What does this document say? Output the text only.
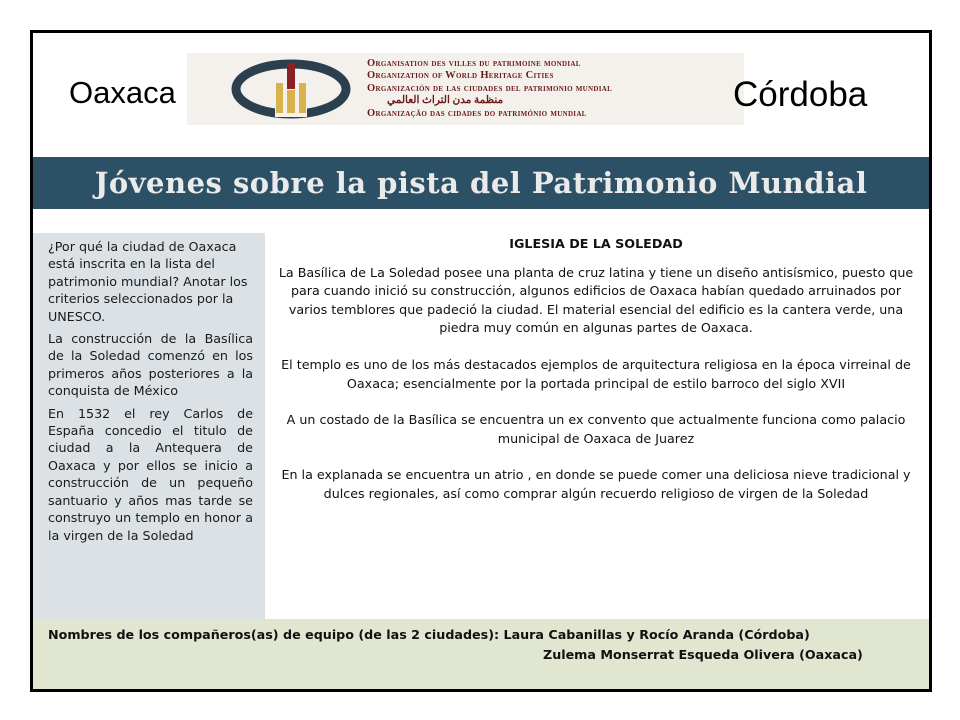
Oaxaca
Organisation des villes du patrimoine mondial
Organization of World Heritage Cities
Organización de las ciudades del patrimonio mundial
منظمة مدن التراث العالمي
Organização das cidades do património mundial	Córdoba
Jóvenes sobre la pista del Patrimonio Mundial

¿Por qué la ciudad de Oaxaca está inscrita en la lista del patrimonio mundial? Anotar los criterios seleccionados por la UNESCO.

La construcción de la Basílica de la Soledad comenzó en los primeros años posteriores a la conquista de México

En 1532 el rey Carlos de España concedio el titulo de ciudad a la Antequera de Oaxaca y por ellos se inicio a construcción de un pequeño santuario y años mas tarde se construyo un templo en honor a la virgen de la Soledad

IGLESIA DE LA SOLEDAD

La Basílica de La Soledad posee una planta de cruz latina y tiene un diseño antisísmico, puesto que para cuando inició su construcción, algunos edificios de Oaxaca habían quedado arruinados por varios temblores que padeció la ciudad. El material esencial del edificio es la cantera verde, una piedra muy común en algunas partes de Oaxaca.

El templo es uno de los más destacados ejemplos de arquitectura religiosa en la época virreinal de Oaxaca; esencialmente por la portada principal de estilo barroco del siglo XVII

A un costado de la Basílica se encuentra un ex convento que actualmente funciona como palacio municipal de Oaxaca de Juarez

En la explanada se encuentra un atrio , en donde se puede comer una deliciosa nieve tradicional y dulces regionales, así como comprar algún recuerdo religioso de virgen de la Soledad

Nombres de los compañeros(as) de equipo (de las 2 ciudades): Laura Cabanillas y Rocío Aranda (Córdoba)
Zulema Monserrat Esqueda Olivera (Oaxaca)
